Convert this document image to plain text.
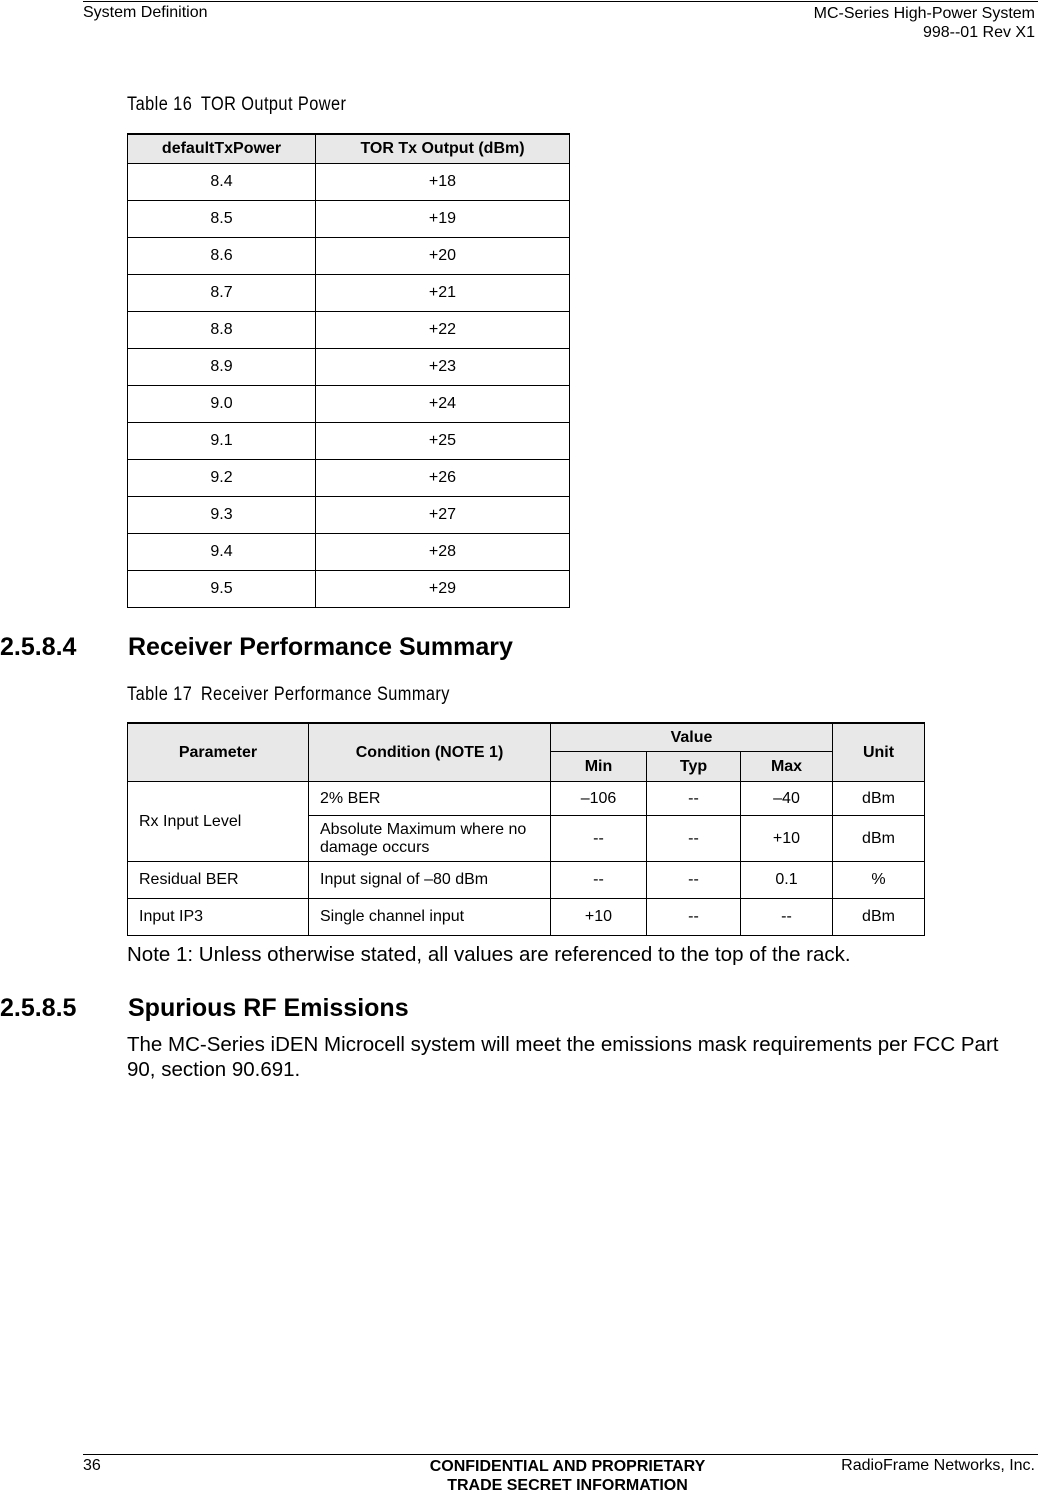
System Definition	MC-Series High-Power System
998--01 Rev X1
Table 16 TOR Output Power
defaultTxPower	TOR Tx Output (dBm)
8.4	+18
8.5	+19
8.6	+20
8.7	+21
8.8	+22
8.9	+23
9.0	+24
9.1	+25
9.2	+26
9.3	+27
9.4	+28
9.5	+29
2.5.8.4 Receiver Performance Summary
Table 17 Receiver Performance Summary
Parameter	Condition (NOTE 1)	Value			Unit
		Min	Typ	Max	
Rx Input Level	2% BER	–106	--	–40	dBm
	Absolute Maximum where no damage occurs	--	--	+10	dBm
Residual BER	Input signal of –80 dBm	--	--	0.1	%
Input IP3	Single channel input	+10	--	--	dBm
Note 1: Unless otherwise stated, all values are referenced to the top of the rack.
2.5.8.5 Spurious RF Emissions
The MC-Series iDEN Microcell system will meet the emissions mask requirements per FCC Part 90, section 90.691.
36	CONFIDENTIAL AND PROPRIETARY
TRADE SECRET INFORMATION
RadioFrame Networks, Inc.
